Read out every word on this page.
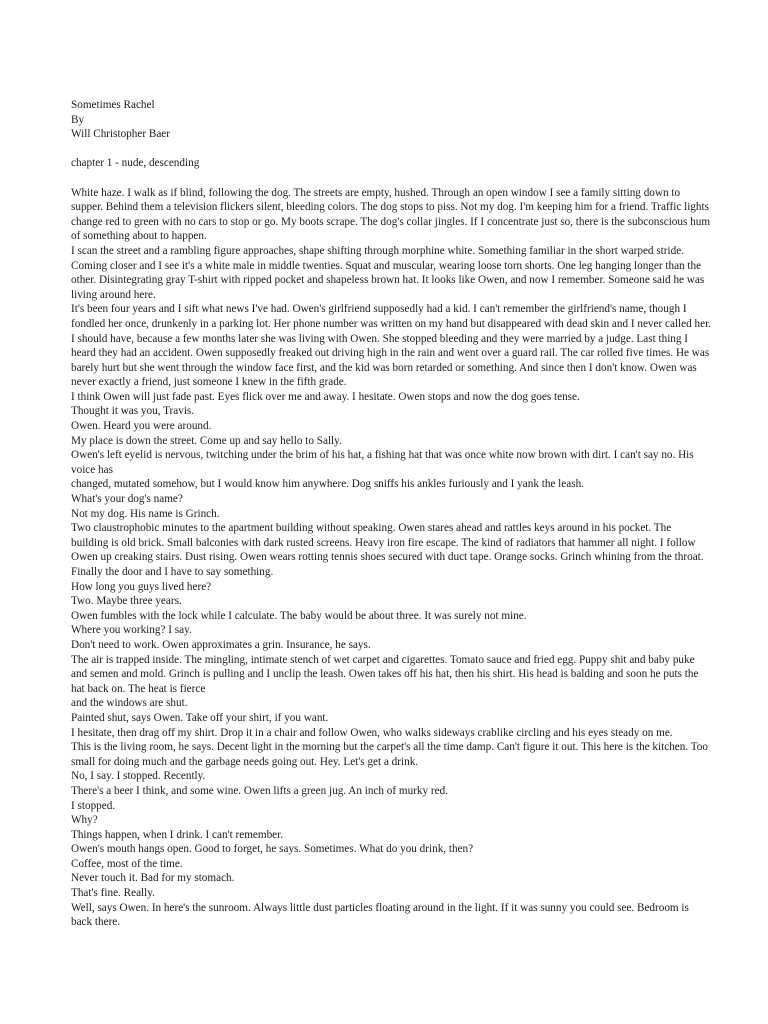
Sometimes Rachel

By

Will Christopher Baer

chapter 1 - nude, descending

White haze. I walk as if blind, following the dog. The streets are empty, hushed. Through an open window I see a family sitting down to supper. Behind them a television flickers silent, bleeding colors. The dog stops to piss. Not my dog. I'm keeping him for a friend. Traffic lights change red to green with no cars to stop or go. My boots scrape. The dog's collar jingles. If I concentrate just so, there is the subconscious hum of something about to happen.

I scan the street and a rambling figure approaches, shape shifting through morphine white. Something familiar in the short warped stride. Coming closer and I see it's a white male in middle twenties. Squat and muscular, wearing loose torn shorts. One leg hanging longer than the other. Disintegrating gray T-shirt with ripped pocket and shapeless brown hat. It looks like Owen, and now I remember. Someone said he was living around here.

It's been four years and I sift what news I've had. Owen's girlfriend supposedly had a kid. I can't remember the girlfriend's name, though I fondled her once, drunkenly in a parking lot. Her phone number was written on my hand but disappeared with dead skin and I never called her. I should have, because a few months later she was living with Owen. She stopped bleeding and they were married by a judge. Last thing I heard they had an accident. Owen supposedly freaked out driving high in the rain and went over a guard rail. The car rolled five times. He was barely hurt but she went through the window face first, and the kid was born retarded or something. And since then I don't know. Owen was never exactly a friend, just someone I knew in the fifth grade.

I think Owen will just fade past. Eyes flick over me and away. I hesitate. Owen stops and now the dog goes tense.

Thought it was you, Travis.

Owen. Heard you were around.

My place is down the street. Come up and say hello to Sally.

Owen's left eyelid is nervous, twitching under the brim of his hat, a fishing hat that was once white now brown with dirt. I can't say no. His voice has

changed, mutated somehow, but I would know him anywhere. Dog sniffs his ankles furiously and I yank the leash.

What's your dog's name?

Not my dog. His name is Grinch.

Two claustrophobic minutes to the apartment building without speaking. Owen stares ahead and rattles keys around in his pocket. The building is old brick. Small balconies with dark rusted screens. Heavy iron fire escape. The kind of radiators that hammer all night. I follow Owen up creaking stairs. Dust rising. Owen wears rotting tennis shoes secured with duct tape. Orange socks. Grinch whining from the throat. Finally the door and I have to say something.

How long you guys lived here?

Two. Maybe three years.

Owen fumbles with the lock while I calculate. The baby would be about three. It was surely not mine.

Where you working? I say.

Don't need to work. Owen approximates a grin. Insurance, he says.

The air is trapped inside. The mingling, intimate stench of wet carpet and cigarettes. Tomato sauce and fried egg. Puppy shit and baby puke and semen and mold. Grinch is pulling and I unclip the leash. Owen takes off his hat, then his shirt. His head is balding and soon he puts the hat back on. The heat is fierce

and the windows are shut.

Painted shut, says Owen. Take off your shirt, if you want.

I hesitate, then drag off my shirt. Drop it in a chair and follow Owen, who walks sideways crablike circling and his eyes steady on me.

This is the living room, he says. Decent light in the morning but the carpet's all the time damp. Can't figure it out. This here is the kitchen. Too small for doing much and the garbage needs going out. Hey. Let's get a drink.

No, I say. I stopped. Recently.

There's a beer I think, and some wine. Owen lifts a green jug. An inch of murky red.

I stopped.

Why?

Things happen, when I drink. I can't remember.

Owen's mouth hangs open. Good to forget, he says. Sometimes. What do you drink, then?

Coffee, most of the time.

Never touch it. Bad for my stomach.

That's fine. Really.

Well, says Owen. In here's the sunroom. Always little dust particles floating around in the light. If it was sunny you could see. Bedroom is back there.
